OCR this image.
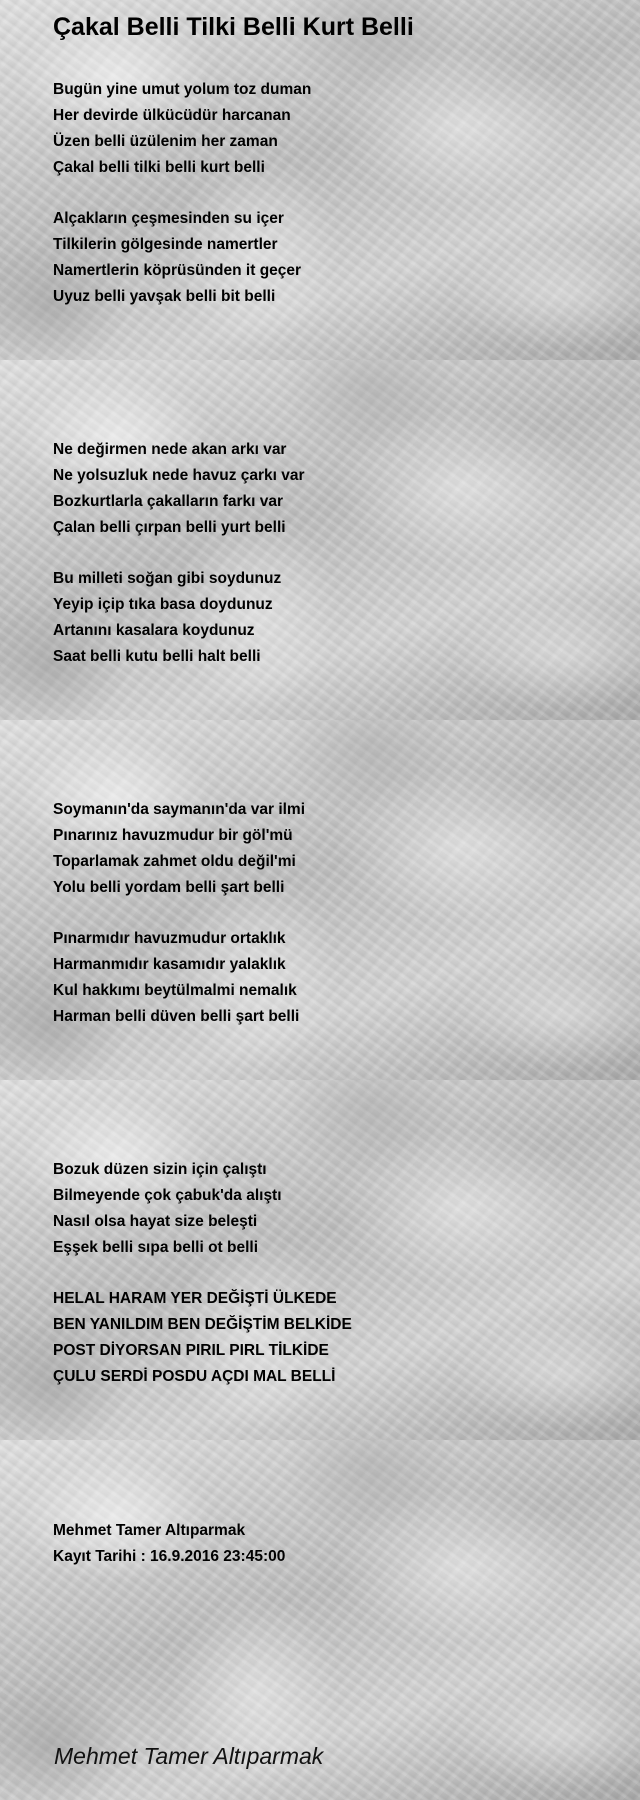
Çakal Belli Tilki Belli Kurt Belli
Bugün yine umut yolum toz duman
Her devirde ülkücüdür harcanan
Üzen belli üzülenim her zaman
Çakal belli tilki belli kurt belli
Alçakların çeşmesinden su içer
Tilkilerin gölgesinde namertler
Namertlerin köprüsünden it geçer
Uyuz belli yavşak belli bit belli
Ne değirmen nede akan arkı var
Ne yolsuzluk nede havuz çarkı var
Bozkurtlarla çakalların farkı var
Çalan belli çırpan belli yurt belli
Bu milleti soğan gibi soydunuz
Yeyip içip tıka basa doydunuz
Artanını kasalara koydunuz
Saat belli kutu belli halt belli
Soymanın'da saymanın'da var ilmi
Pınarınız havuzmudur bir göl'mü
Toparlamak zahmet oldu değil'mi
Yolu belli yordam belli şart belli
Pınarmıdır havuzmudur ortaklık
Harmanmıdır kasamıdır yalaklık
Kul hakkımı beytülmalmi nemalık
Harman belli düven belli şart belli
Bozuk düzen sizin için çalıştı
Bilmeyende çok çabuk'da alıştı
Nasıl olsa hayat size beleşti
Eşşek belli sıpa belli ot belli
HELAL HARAM YER DEĞİŞTİ ÜLKEDE
BEN YANILDIM BEN DEĞİŞTİM BELKİDE
POST DİYORSAN PIRIL PIRL TİLKİDE
ÇULU SERDİ POSDU AÇDI MAL BELLİ
Mehmet Tamer Altıparmak
Kayıt Tarihi : 16.9.2016 23:45:00
Mehmet Tamer Altıparmak
